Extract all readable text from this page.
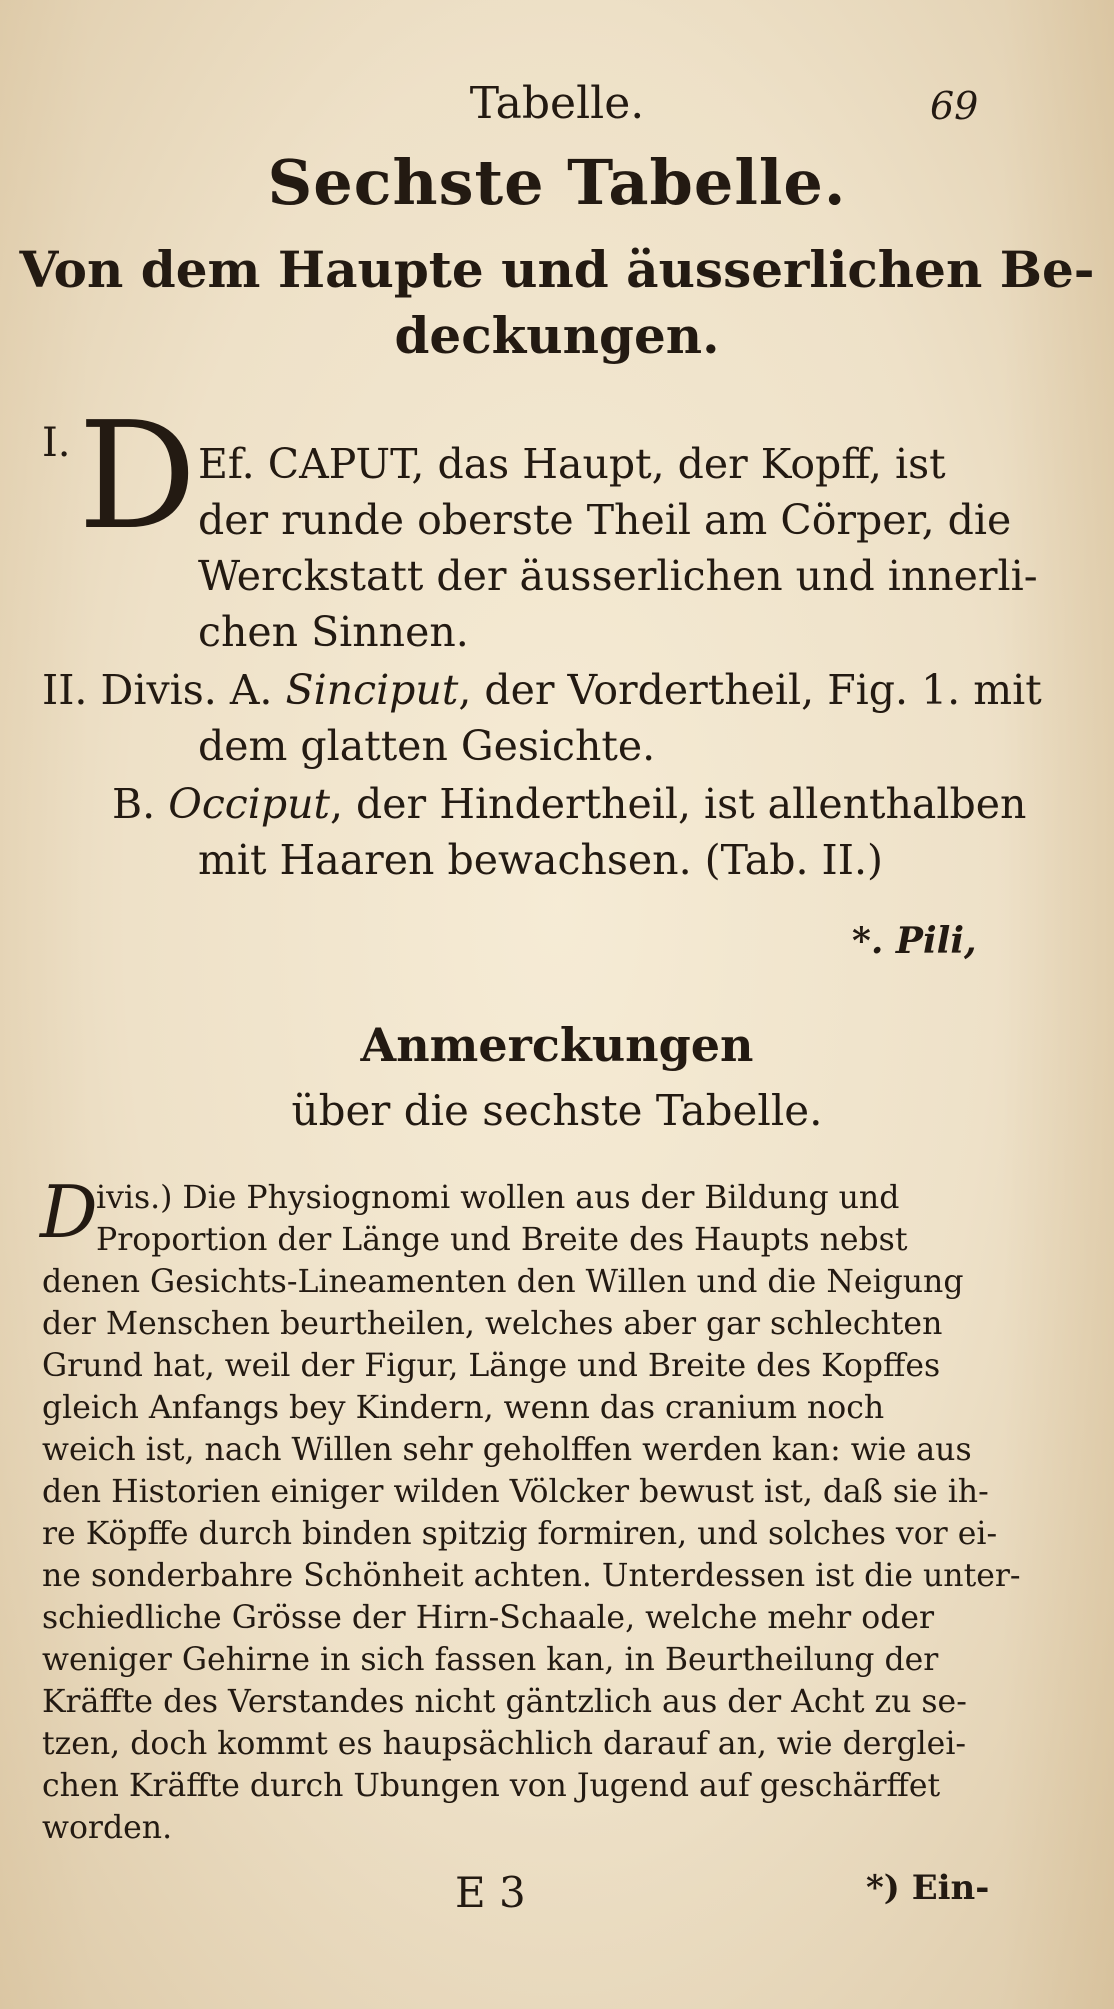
Tabelle.	69
Sechste Tabelle.
Von dem Haupte und äusserlichen Be-
deckungen.
I. D Ef. CAPUT, das Haupt, der Kopff, ist
der runde oberste Theil am Cörper, die
Werckstatt der äusserlichen und innerli-
chen Sinnen.
II. Divis. A. Sinciput, der Vordertheil, Fig. 1. mit
dem glatten Gesichte.
B. Occiput, der Hindertheil, ist allenthalben
mit Haaren bewachsen. (Tab. II.)
*. Pili,
Anmerckungen
über die sechste Tabelle.
D
ivis.) Die Physiognomi wollen aus der Bildung und
Proportion der Länge und Breite des Haupts nebst
denen Gesichts-Lineamenten den Willen und die Neigung
der Menschen beurtheilen, welches aber gar schlechten
Grund hat, weil der Figur, Länge und Breite des Kopffes
gleich Anfangs bey Kindern, wenn das cranium noch
weich ist, nach Willen sehr geholffen werden kan: wie aus
den Historien einiger wilden Völcker bewust ist, daß sie ih-
re Köpffe durch binden spitzig formiren, und solches vor ei-
ne sonderbahre Schönheit achten. Unterdessen ist die unter-
schiedliche Grösse der Hirn-Schaale, welche mehr oder
weniger Gehirne in sich fassen kan, in Beurtheilung der
Kräffte des Verstandes nicht gäntzlich aus der Acht zu se-
tzen, doch kommt es haupsächlich darauf an, wie derglei-
chen Kräffte durch Ubungen von Jugend auf geschärffet
worden.
E 3	*) Ein-
